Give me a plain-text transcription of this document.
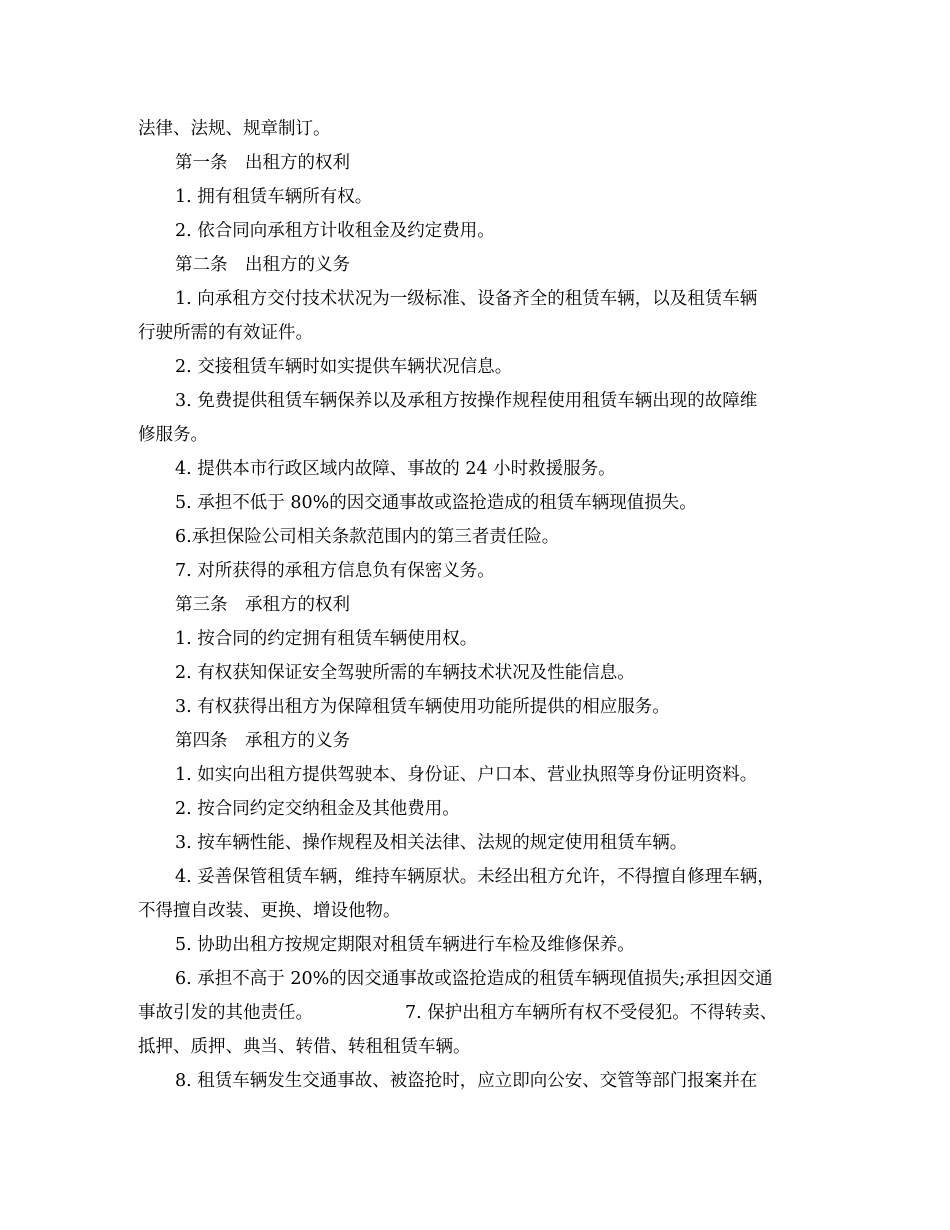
法律、法规、规章制订。
第一条　出租方的权利
1. 拥有租赁车辆所有权。
2. 依合同向承租方计收租金及约定费用。
第二条　出租方的义务
1. 向承租方交付技术状况为一级标准、设备齐全的租赁车辆，以及租赁车辆
行驶所需的有效证件。
2. 交接租赁车辆时如实提供车辆状况信息。
3. 免费提供租赁车辆保养以及承租方按操作规程使用租赁车辆出现的故障维
修服务。
4. 提供本市行政区域内故障、事故的 24 小时救援服务。
5. 承担不低于 80%的因交通事故或盗抢造成的租赁车辆现值损失。
6.承担保险公司相关条款范围内的第三者责任险。
7. 对所获得的承租方信息负有保密义务。
第三条　承租方的权利
1. 按合同的约定拥有租赁车辆使用权。
2. 有权获知保证安全驾驶所需的车辆技术状况及性能信息。
3. 有权获得出租方为保障租赁车辆使用功能所提供的相应服务。
第四条　承租方的义务
1. 如实向出租方提供驾驶本、身份证、户口本、营业执照等身份证明资料。
2. 按合同约定交纳租金及其他费用。
3. 按车辆性能、操作规程及相关法律、法规的规定使用租赁车辆。
4. 妥善保管租赁车辆，维持车辆原状。未经出租方允许，不得擅自修理车辆，
不得擅自改装、更换、增设他物。
5. 协助出租方按规定期限对租赁车辆进行车检及维修保养。
6. 承担不高于 20%的因交通事故或盗抢造成的租赁车辆现值损失;承担因交通
事故引发的其他责任。	7. 保护出租方车辆所有权不受侵犯。不得转卖、
抵押、质押、典当、转借、转租租赁车辆。
8. 租赁车辆发生交通事故、被盗抢时，应立即向公安、交管等部门报案并在
